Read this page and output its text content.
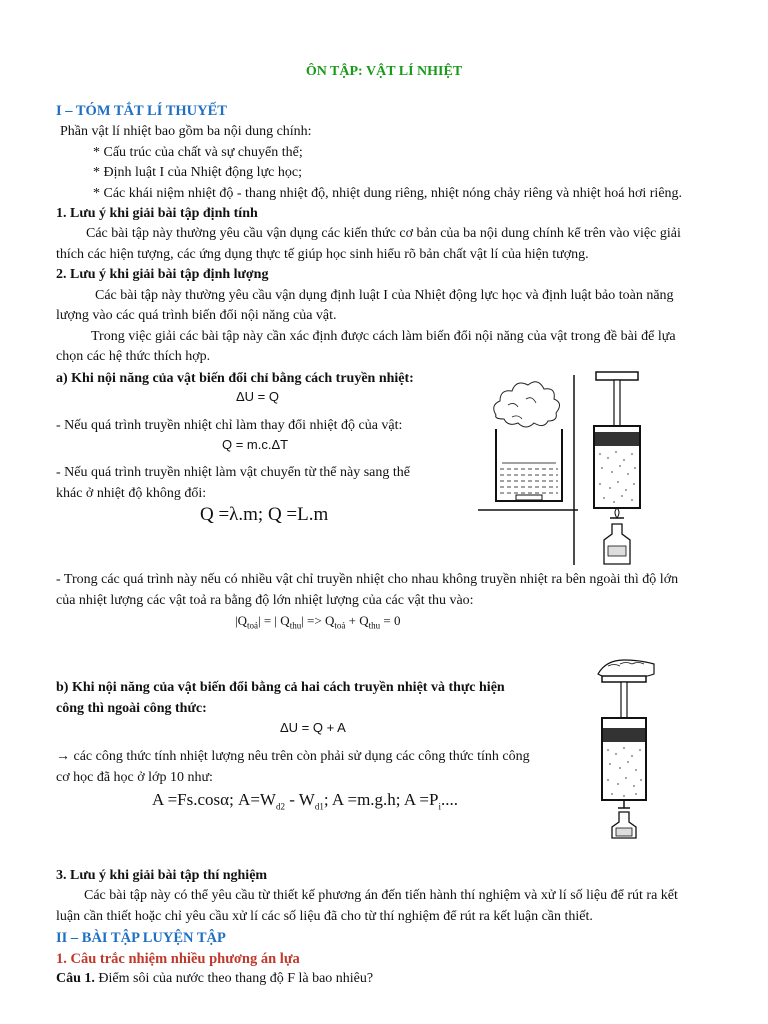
ÔN TẬP: VẬT LÍ NHIỆT
I – TÓM TẮT LÍ THUYẾT
Phần vật lí nhiệt bao gồm ba nội dung chính:
* Cấu trúc của chất và sự chuyển thể;
* Định luật I của Nhiệt động lực học;
* Các khái niệm nhiệt độ - thang nhiệt độ, nhiệt dung riêng, nhiệt nóng chảy riêng và nhiệt hoá hơi riêng.
1. Lưu ý khi giải bài tập định tính
Các bài tập này thường yêu cầu vận dụng các kiến thức cơ bản của ba nội dung chính kể trên vào việc giải
thích các hiện tượng, các ứng dụng thực tế giúp học sinh hiểu rõ bản chất vật lí của hiện tượng.
2. Lưu ý khi giải bài tập định lượng
Các bài tập này thường yêu cầu vận dụng định luật I của Nhiệt động lực học và định luật bảo toàn năng
lượng vào các quá trình biến đổi nội năng của vật.
Trong việc giải các bài tập này cần xác định được cách làm biến đổi nội năng của vật trong đề bài để lựa
chọn các hệ thức thích hợp.
a) Khi nội năng của vật biến đổi chỉ bằng cách truyền nhiệt:
ΔU = Q
- Nếu quá trình truyền nhiệt chỉ làm thay đổi nhiệt độ của vật:
Q = m.c.ΔT
- Nếu quá trình truyền nhiệt làm vật chuyển từ thể này sang thể
khác ở nhiệt độ không đổi:
Q =λ.m; Q =L.m
- Trong các quá trình này nếu có nhiều vật chỉ truyền nhiệt cho nhau không truyền nhiệt ra bên ngoài thì độ lớn
của nhiệt lượng các vật toả ra bằng độ lớn nhiệt lượng của các vật thu vào:
$|Q_{toả}|$ = | $Q_{thu}| => Q_{toả} + Q_{thu} = 0$
b) Khi nội năng của vật biến đổi bằng cả hai cách truyền nhiệt và thực hiện
công thì ngoài công thức:
ΔU = Q + A
→ các công thức tính nhiệt lượng nêu trên còn phải sử dụng các công thức tính công
cơ học đã học ở lớp 10 như:
A =Fs.cosα; $A=W_{d2} - W_{d1}$; A =m.g.h; $A =P_i$....
3. Lưu ý khi giải bài tập thí nghiệm
Các bài tập này có thể yêu cầu từ thiết kế phương án đến tiến hành thí nghiệm và xử lí số liệu để rút ra kết
luận cần thiết hoặc chỉ yêu cầu xử lí các số liệu đã cho từ thí nghiệm để rút ra kết luận cần thiết.
II – BÀI TẬP LUYỆN TẬP
1. Câu trắc nhiệm nhiều phương án lựa
Câu 1. Điểm sôi của nước theo thang độ F là bao nhiêu?
